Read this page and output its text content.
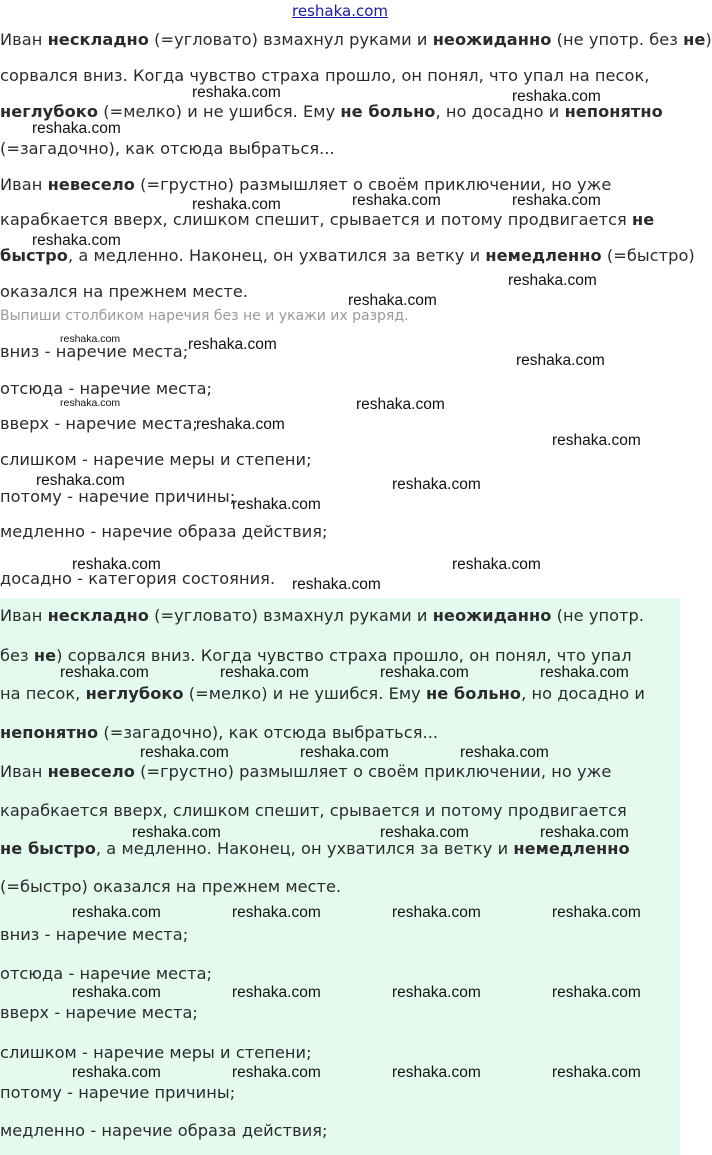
reshaka.com
Иван несклaдно (=угловато) взмахнул руками и неожиданно (не употр. без не)
сорвался вниз. Когда чувство страха прошло, он понял, что упал на песок,
неглубоко (=мелко) и не ушибся. Ему не больно, но досадно и непонятно
(=загадочно), как отсюда выбраться...
Иван невесело (=грустно) размышляет о своём приключении, но уже
карабкается вверх, слишком спешит, срывается и потому продвигается не
быстро, а медленно. Наконец, он ухватился за ветку и немедленно (=быстро)
оказался на прежнем месте.
Выпиши столбиком наречия без не и укажи их разряд.
вниз - наречие места;
отсюда - наречие места;
вверх - наречие места;
слишком - наречие меры и степени;
потому - наречие причины;
медленно - наречие образа действия;
досадно - категория состояния.
Иван нескладно (=угловато) взмахнул руками и неожиданно (не употр.
без не) сорвался вниз. Когда чувство страха прошло, он понял, что упал
на песок, неглубоко (=мелко) и не ушибся. Ему не больно, но досадно и
непонятно (=загадочно), как отсюда выбраться...
Иван невесело (=грустно) размышляет о своём приключении, но уже
карабкается вверх, слишком спешит, срывается и потому продвигается
не быстро, а медленно. Наконец, он ухватился за ветку и немедленно
(=быстро) оказался на прежнем месте.
вниз - наречие места;
отсюда - наречие места;
вверх - наречие места;
слишком - наречие меры и степени;
потому - наречие причины;
медленно - наречие образа действия;
reshaka.com	reshaka.com
reshaka.com
reshaka.com	reshaka.com	reshaka.com
reshaka.com
reshaka.com
reshaka.com
reshaka.com
reshaka.com
reshaka.com
reshaka.com
reshaka.com
reshaka.com	reshaka.com
reshaka.com
reshaka.com	reshaka.com
reshaka.com
reshaka.com	reshaka.com	reshaka.com	reshaka.com
reshaka.com	reshaka.com	reshaka.com
reshaka.com	reshaka.com	reshaka.com
reshaka.com	reshaka.com	reshaka.com	reshaka.com
reshaka.com	reshaka.com	reshaka.com	reshaka.com
reshaka.com	reshaka.com	reshaka.com	reshaka.com
reshaka.com
reshaka.com
